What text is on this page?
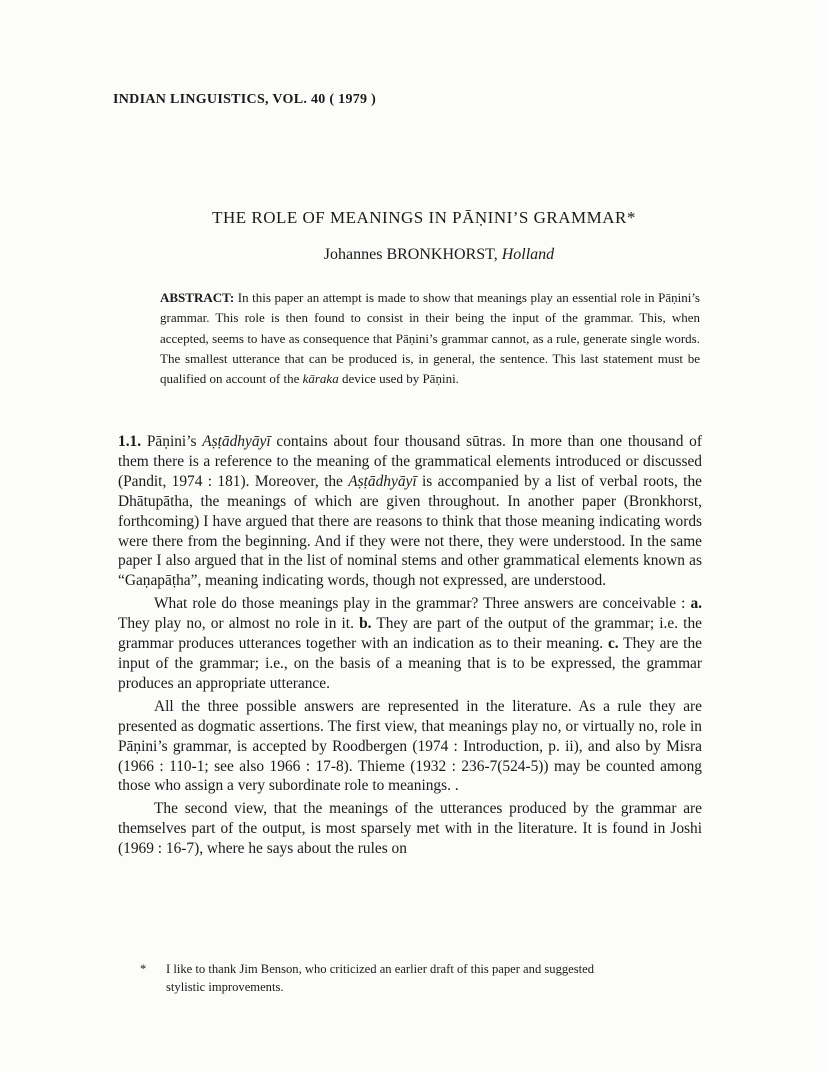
INDIAN LINGUISTICS, VOL. 40 ( 1979 )
THE ROLE OF MEANINGS IN PĀṆINI’S GRAMMAR*
Johannes BRONKHORST, Holland
ABSTRACT: In this paper an attempt is made to show that meanings play an essential role in Pāṇini’s grammar. This role is then found to consist in their being the input of the grammar. This, when accepted, seems to have as consequence that Pāṇini’s grammar cannot, as a rule, generate single words. The smallest utterance that can be produced is, in general, the sentence. This last statement must be qualified on account of the kāraka device used by Pāṇini.

1.1. Pāṇini’s Aṣṭādhyāyī contains about four thousand sūtras. In more than one thousand of them there is a reference to the meaning of the grammatical elements introduced or discussed (Pandit, 1974 : 181). Moreover, the Aṣṭādhyāyī is accompanied by a list of verbal roots, the Dhātupātha, the meanings of which are given throughout. In another paper (Bronkhorst, forthcoming) I have argued that there are reasons to think that those meaning indicating words were there from the beginning. And if they were not there, they were understood. In the same paper I also argued that in the list of nominal stems and other grammatical elements known as “Gaṇapāṭha”, meaning indicating words, though not expressed, are understood.

What role do those meanings play in the grammar? Three answers are conceivable : a. They play no, or almost no role in it. b. They are part of the output of the grammar; i.e. the grammar produces utterances together with an indication as to their meaning. c. They are the input of the grammar; i.e., on the basis of a meaning that is to be expressed, the grammar produces an appropriate utterance.

All the three possible answers are represented in the literature. As a rule they are presented as dogmatic assertions. The first view, that meanings play no, or virtually no, role in Pāṇini’s grammar, is accepted by Roodbergen (1974 : Introduction, p. ii), and also by Misra (1966 : 110-1; see also 1966 : 17-8). Thieme (1932 : 236-7(524-5)) may be counted among those who assign a very subordinate role to meanings. .

The second view, that the meanings of the utterances produced by the grammar are themselves part of the output, is most sparsely met with in the literature. It is found in Joshi (1969 : 16-7), where he says about the rules on

* I like to thank Jim Benson, who criticized an earlier draft of this paper and suggested
stylistic improvements.
